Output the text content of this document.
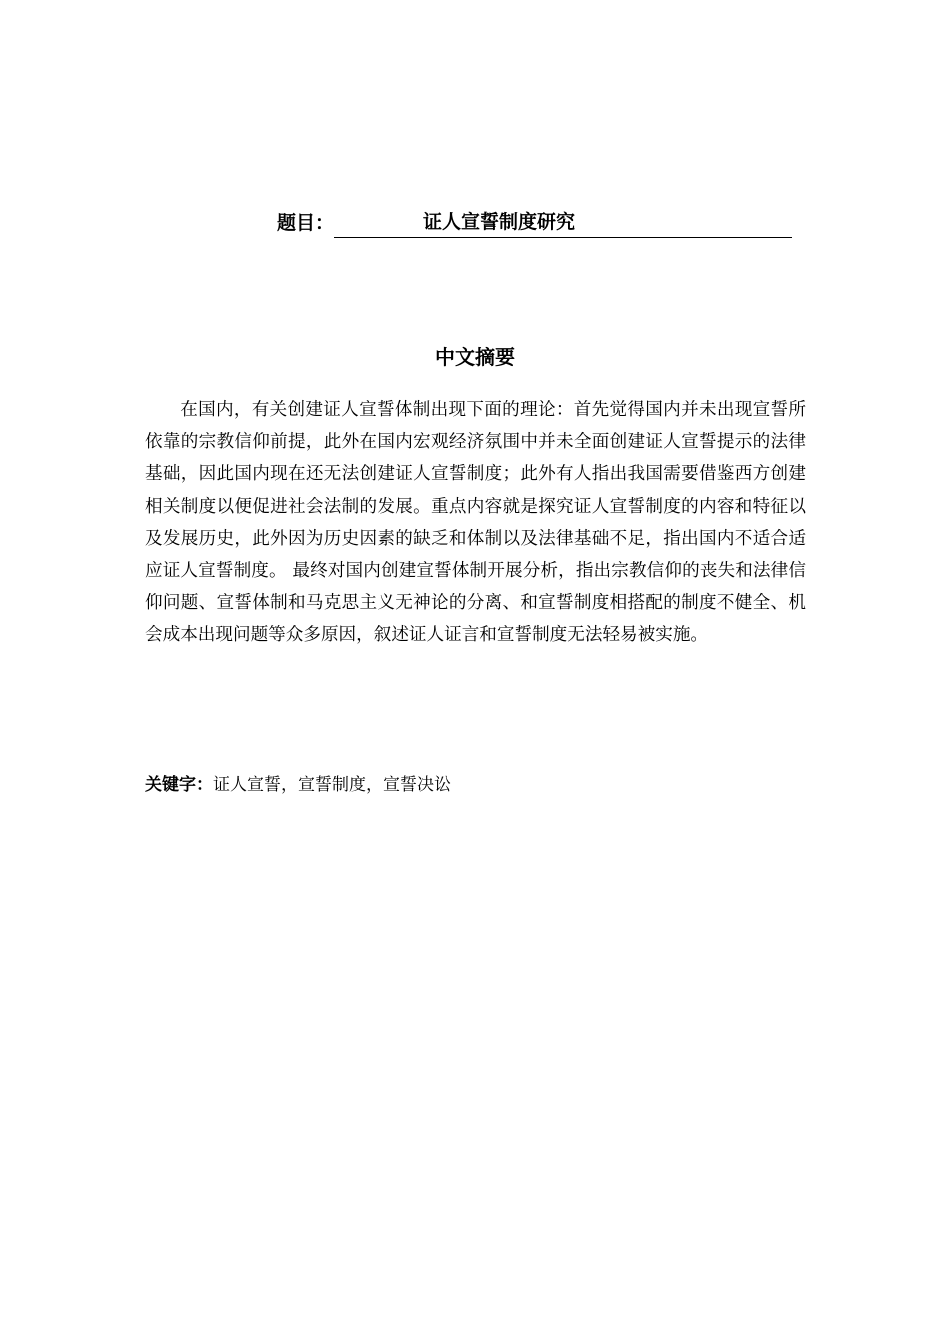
题目：	证人宣誓制度研究
中文摘要

在国内，有关创建证人宣誓体制出现下面的理论：首先觉得国内并未出现宣誓所依靠的宗教信仰前提，此外在国内宏观经济氛围中并未全面创建证人宣誓提示的法律基础，因此国内现在还无法创建证人宣誓制度；此外有人指出我国需要借鉴西方创建相关制度以便促进社会法制的发展。重点内容就是探究证人宣誓制度的内容和特征以及发展历史，此外因为历史因素的缺乏和体制以及法律基础不足，指出国内不适合适应证人宣誓制度。 最终对国内创建宣誓体制开展分析，指出宗教信仰的丧失和法律信仰问题、宣誓体制和马克思主义无神论的分离、和宣誓制度相搭配的制度不健全、机会成本出现问题等众多原因，叙述证人证言和宣誓制度无法轻易被实施。

关键字：证人宣誓，宣誓制度，宣誓决讼
